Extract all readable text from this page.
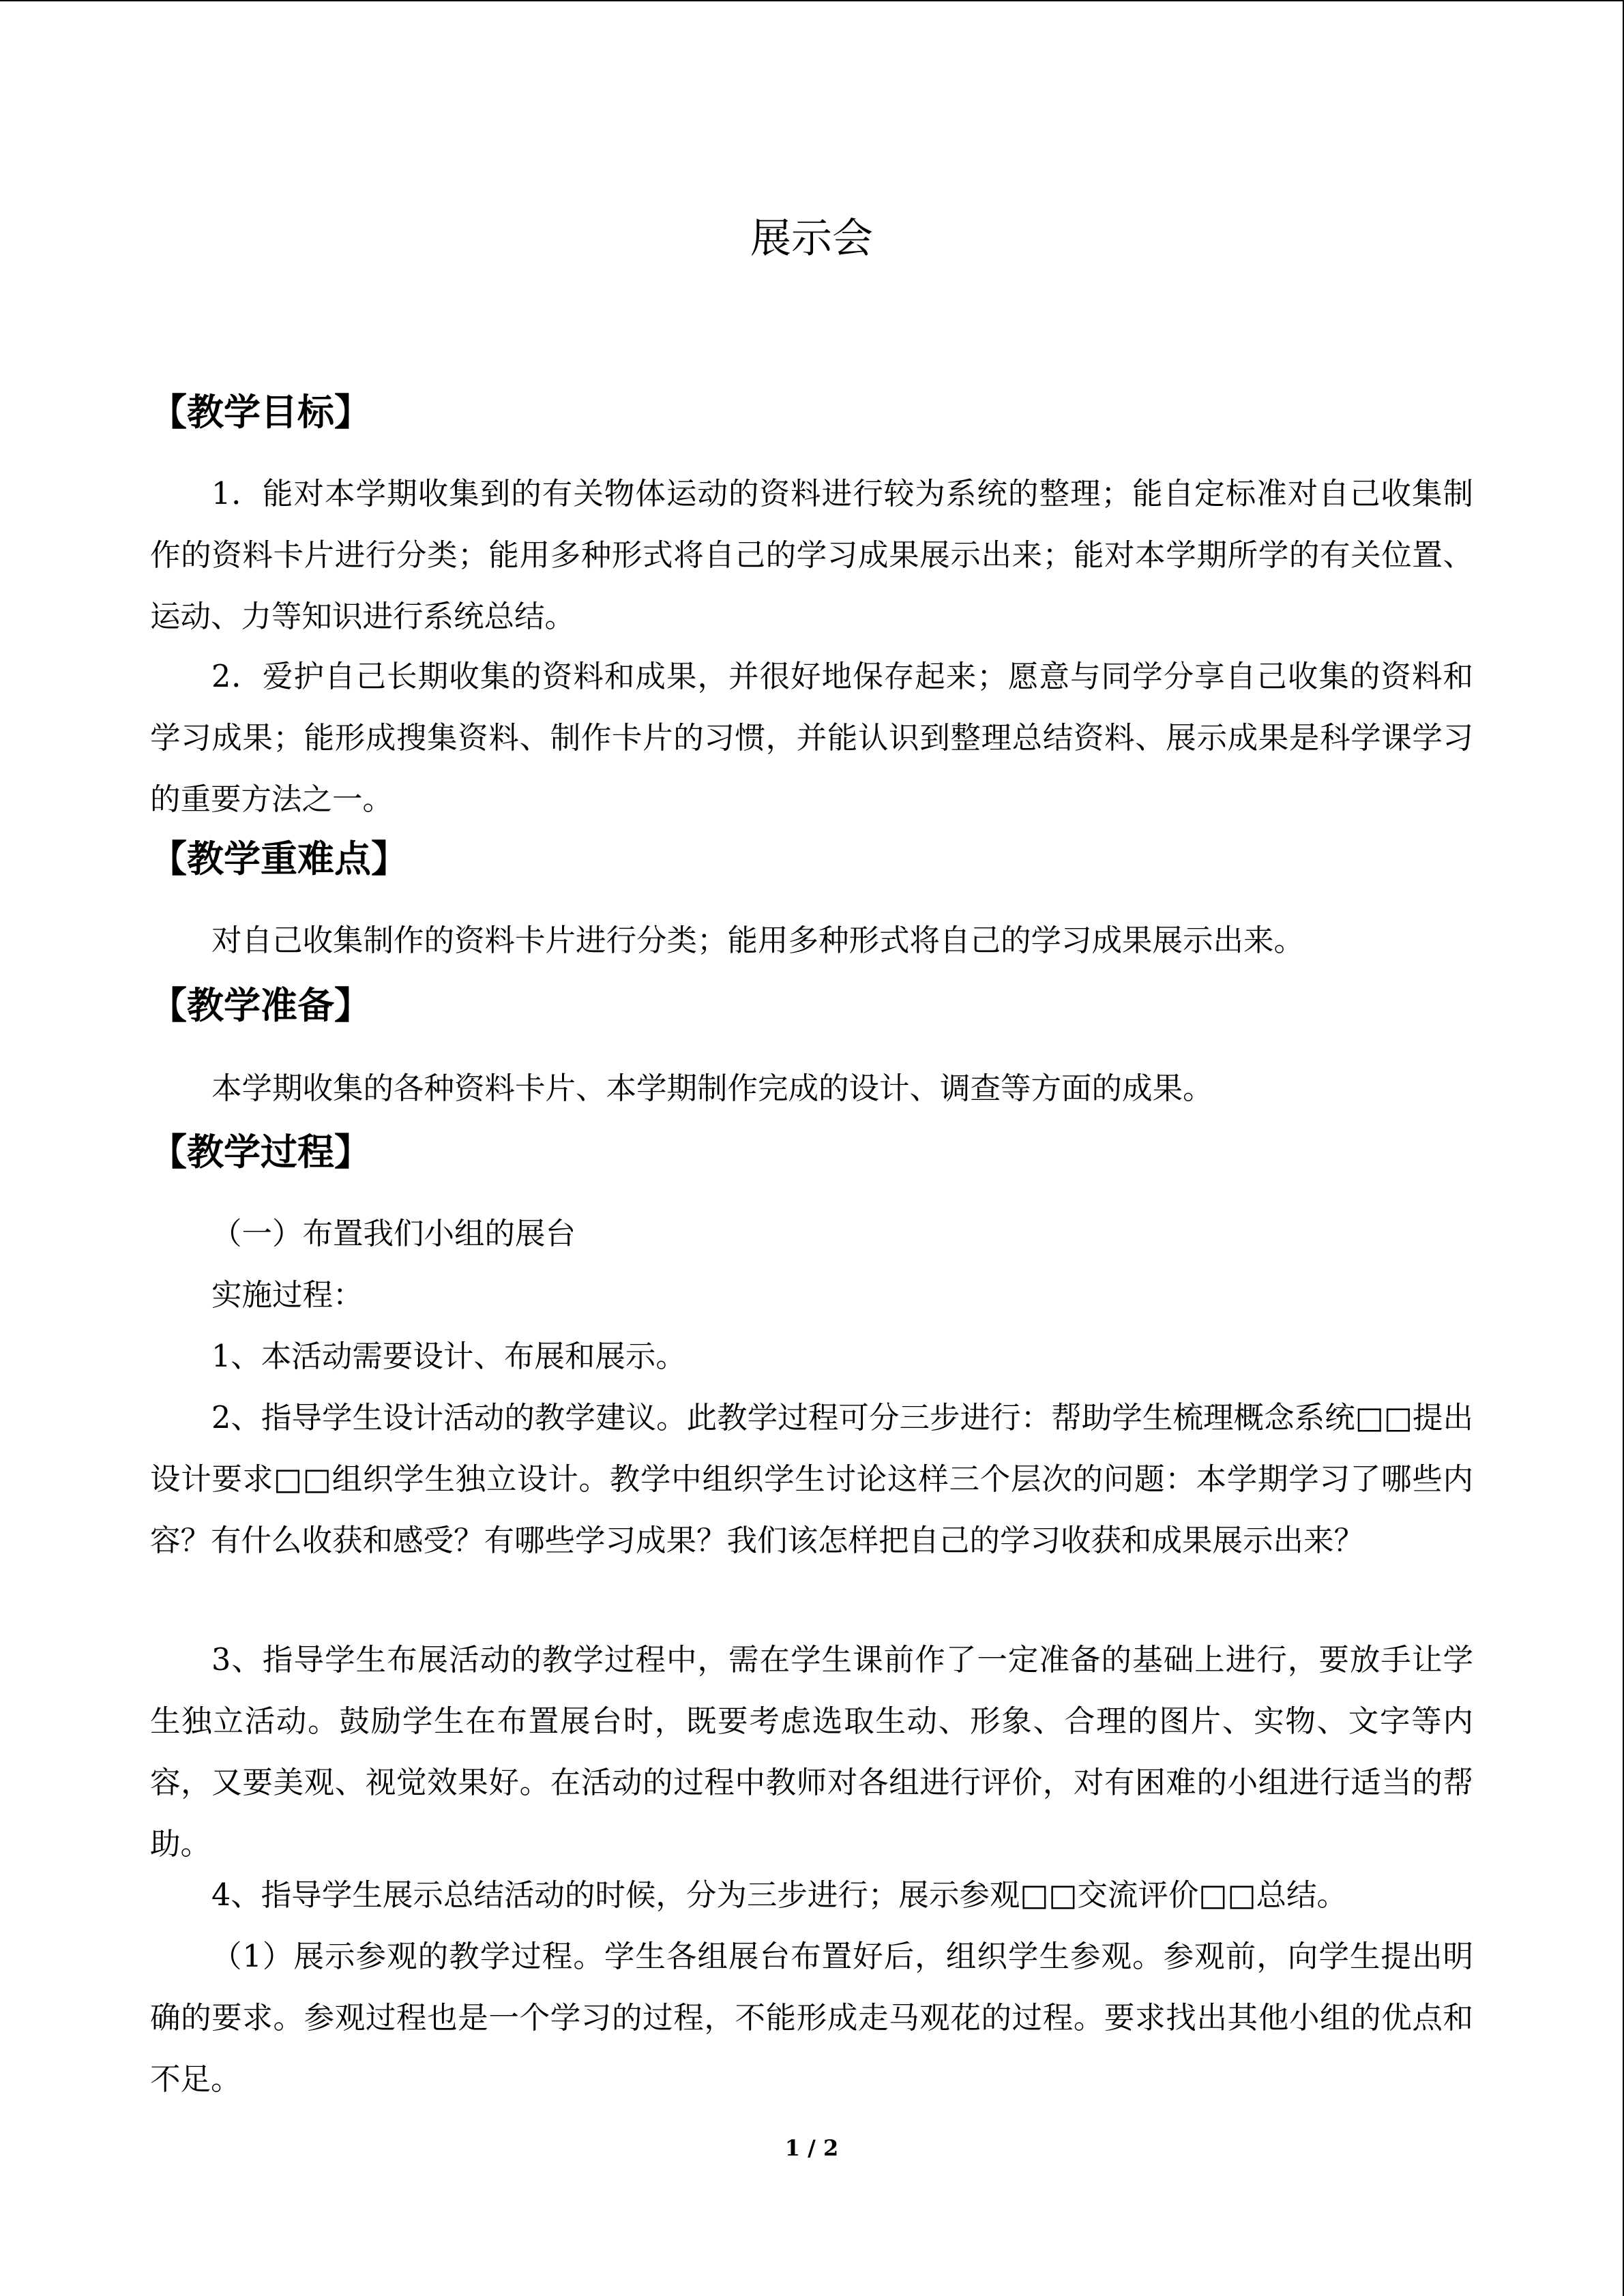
展示会
【教学目标】
1．能对本学期收集到的有关物体运动的资料进行较为系统的整理；能自定标准对自己收集制作的资料卡片进行分类；能用多种形式将自己的学习成果展示出来；能对本学期所学的有关位置、运动、力等知识进行系统总结。
2．爱护自己长期收集的资料和成果，并很好地保存起来；愿意与同学分享自己收集的资料和学习成果；能形成搜集资料、制作卡片的习惯，并能认识到整理总结资料、展示成果是科学课学习的重要方法之一。
【教学重难点】
对自己收集制作的资料卡片进行分类；能用多种形式将自己的学习成果展示出来。
【教学准备】
本学期收集的各种资料卡片、本学期制作完成的设计、调查等方面的成果。
【教学过程】
（一）布置我们小组的展台
实施过程：
1、本活动需要设计、布展和展示。
2、指导学生设计活动的教学建议。此教学过程可分三步进行：帮助学生梳理概念系统□□提出设计要求□□组织学生独立设计。教学中组织学生讨论这样三个层次的问题：本学期学习了哪些内容？有什么收获和感受？有哪些学习成果？我们该怎样把自己的学习收获和成果展示出来？
3、指导学生布展活动的教学过程中，需在学生课前作了一定准备的基础上进行，要放手让学生独立活动。鼓励学生在布置展台时，既要考虑选取生动、形象、合理的图片、实物、文字等内容，又要美观、视觉效果好。在活动的过程中教师对各组进行评价，对有困难的小组进行适当的帮助。
4、指导学生展示总结活动的时候，分为三步进行；展示参观□□交流评价□□总结。
（1）展示参观的教学过程。学生各组展台布置好后，组织学生参观。参观前，向学生提出明确的要求。参观过程也是一个学习的过程，不能形成走马观花的过程。要求找出其他小组的优点和不足。
1 / 2
